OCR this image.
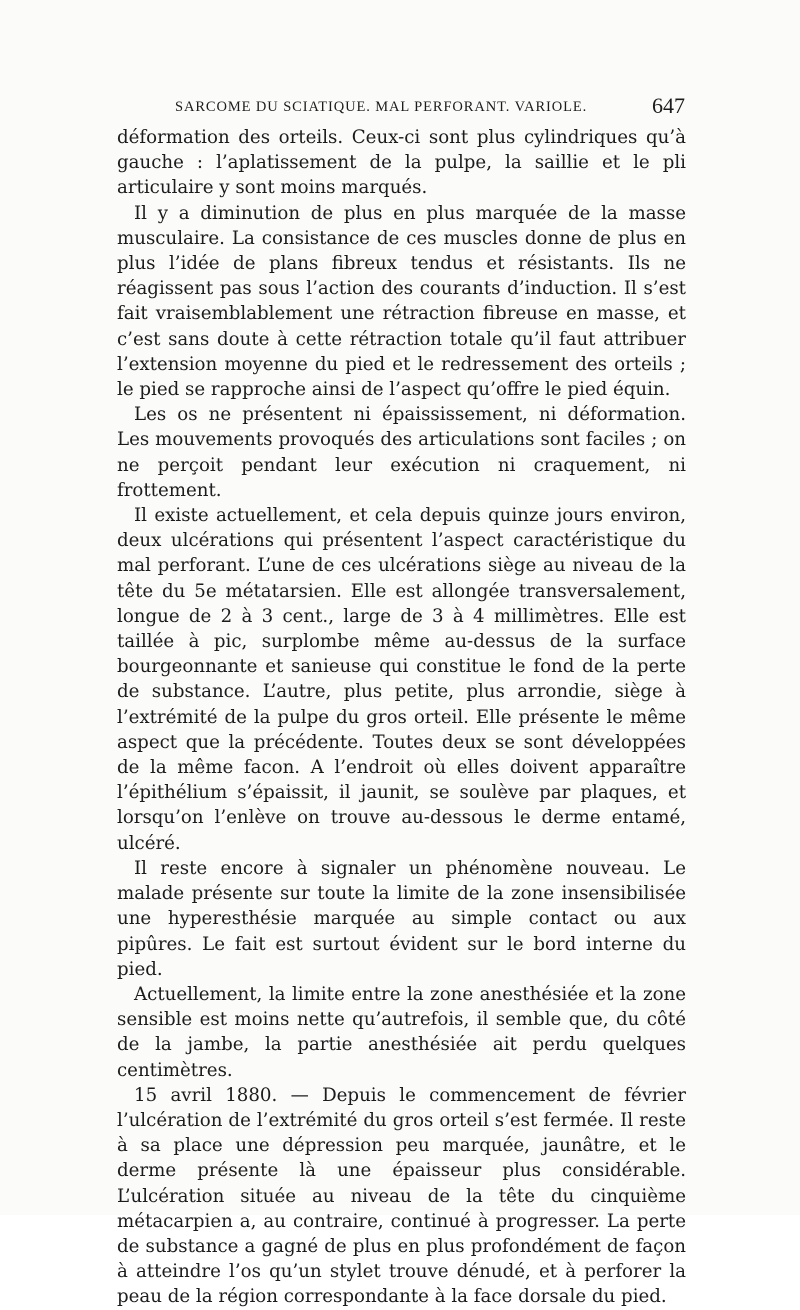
SARCOME DU SCIATIQUE. MAL PERFORANT. VARIOLE.	647

déformation des orteils. Ceux-ci sont plus cylindriques qu’à gauche : l’aplatissement de la pulpe, la saillie et le pli articulaire y sont moins marqués.

Il y a diminution de plus en plus marquée de la masse musculaire. La consistance de ces muscles donne de plus en plus l’idée de plans fibreux tendus et résistants. Ils ne réagissent pas sous l’action des courants d’induction. Il s’est fait vraisemblablement une rétraction fibreuse en masse, et c’est sans doute à cette rétraction totale qu’il faut attribuer l’extension moyenne du pied et le redressement des orteils ; le pied se rapproche ainsi de l’aspect qu’offre le pied équin.

Les os ne présentent ni épaississement, ni déformation. Les mouvements provoqués des articulations sont faciles ; on ne perçoit pendant leur exécution ni craquement, ni frottement.

Il existe actuellement, et cela depuis quinze jours environ, deux ulcérations qui présentent l’aspect caractéristique du mal perforant. L’une de ces ulcérations siège au niveau de la tête du 5e métatarsien. Elle est allongée transversalement, longue de 2 à 3 cent., large de 3 à 4 millimètres. Elle est taillée à pic, surplombe même au-dessus de la surface bourgeonnante et sanieuse qui constitue le fond de la perte de substance. L’autre, plus petite, plus arrondie, siège à l’extrémité de la pulpe du gros orteil. Elle présente le même aspect que la précédente. Toutes deux se sont développées de la même facon. A l’endroit où elles doivent apparaître l’épithélium s’épaissit, il jaunit, se soulève par plaques, et lorsqu’on l’enlève on trouve au-dessous le derme entamé, ulcéré.

Il reste encore à signaler un phénomène nouveau. Le malade présente sur toute la limite de la zone insensibilisée une hyperesthésie marquée au simple contact ou aux pipûres. Le fait est surtout évident sur le bord interne du pied.

Actuellement, la limite entre la zone anesthésiée et la zone sensible est moins nette qu’autrefois, il semble que, du côté de la jambe, la partie anesthésiée ait perdu quelques centimètres.

15 avril 1880. — Depuis le commencement de février l’ulcération de l’extrémité du gros orteil s’est fermée. Il reste à sa place une dépression peu marquée, jaunâtre, et le derme présente là une épaisseur plus considérable. L’ulcération située au niveau de la tête du cinquième métacarpien a, au contraire, continué à progresser. La perte de substance a gagné de plus en plus profondément de façon à atteindre l’os qu’un stylet trouve dénudé, et à perforer la peau de la région correspondante à la face dorsale du pied.
